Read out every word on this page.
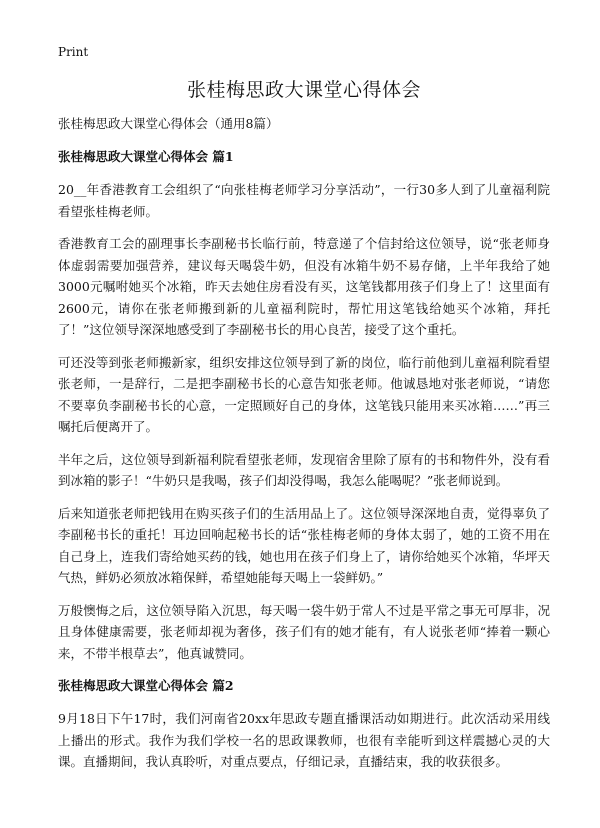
Print
张桂梅思政大课堂心得体会
张桂梅思政大课堂心得体会（通用8篇）
张桂梅思政大课堂心得体会 篇1

20__年香港教育工会组织了“向张桂梅老师学习分享活动”，一行30多人到了儿童福利院看望张桂梅老师。

香港教育工会的副理事长李副秘书长临行前，特意递了个信封给这位领导，说“张老师身体虚弱需要加强营养，建议每天喝袋牛奶，但没有冰箱牛奶不易存储，上半年我给了她3000元嘱咐她买个冰箱，昨天去她住房看没有买，这笔钱都用孩子们身上了！这里面有2600元，请你在张老师搬到新的儿童福利院时，帮忙用这笔钱给她买个冰箱，拜托了！”这位领导深深地感受到了李副秘书长的用心良苦，接受了这个重托。

可还没等到张老师搬新家，组织安排这位领导到了新的岗位，临行前他到儿童福利院看望张老师，一是辞行，二是把李副秘书长的心意告知张老师。他诚恳地对张老师说，“请您不要辜负李副秘书长的心意，一定照顾好自己的身体，这笔钱只能用来买冰箱……”再三嘱托后便离开了。

半年之后，这位领导到新福利院看望张老师，发现宿舍里除了原有的书和物件外，没有看到冰箱的影子！“牛奶只是我喝，孩子们却没得喝，我怎么能喝呢？”张老师说到。

后来知道张老师把钱用在购买孩子们的生活用品上了。这位领导深深地自责，觉得辜负了李副秘书长的重托！耳边回响起秘书长的话“张桂梅老师的身体太弱了，她的工资不用在自己身上，连我们寄给她买药的钱，她也用在孩子们身上了，请你给她买个冰箱，华坪天气热，鲜奶必须放冰箱保鲜，希望她能每天喝上一袋鲜奶。”

万般懊悔之后，这位领导陷入沉思，每天喝一袋牛奶于常人不过是平常之事无可厚非，况且身体健康需要，张老师却视为奢侈，孩子们有的她才能有，有人说张老师“捧着一颗心来，不带半根草去”，他真诚赞同。

张桂梅思政大课堂心得体会 篇2

9月18日下午17时，我们河南省20xx年思政专题直播课活动如期进行。此次活动采用线上播出的形式。我作为我们学校一名的思政课教师，也很有幸能听到这样震撼心灵的大课。直播期间，我认真聆听，对重点要点，仔细记录，直播结束，我的收获很多。
